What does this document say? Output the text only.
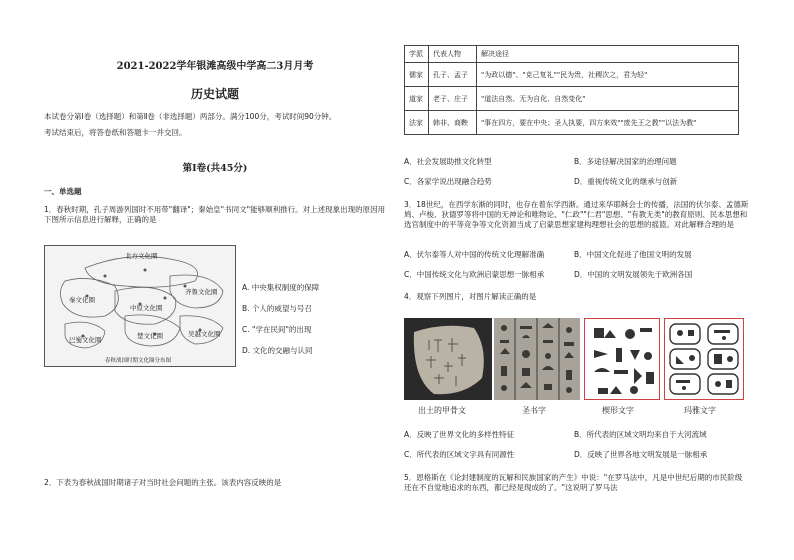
2021-2022学年银滩高级中学高二3月月考
历史试题

本试卷分第Ⅰ卷（选择题）和第Ⅱ卷（非选择题）两部分。满分100分，考试时间90分钟。

考试结束后，将答卷纸和答题卡一并交回。

第Ⅰ卷(共45分)
一、单选题
1．春秋时期，孔子周游列国时不用带"翻译"；秦始皇"书同文"能够顺利推行。对上述现象出现的原因用下图所示信息进行解释，正确的是
北方文化圈
齐鲁文化圈
秦文化圈
中原文化圈
楚文化圈	吴越文化圈
巴蜀文化圈
春秋战国时期文化圈分布图
A. 中央集权制度的保障
B. 个人的威望与号召
C. "学在民间"的出现
D. 文化的交融与认同
2．下表为春秋战国时期诸子对当时社会问题的主张。该表内容反映的是
学派	代表人物	解决途径
儒家	孔子、孟子	"为政以德"、"克己复礼""民为贵，社稷次之，君为轻"
道家	老子、庄子	"道法自然、无为自化、自然变化"
法家	韩非、商鞅	"事在四方，要在中央；圣人执要，四方来效""废先王之教""以法为教"
A．社会发展助推文化转型	B．多途径解决国家的治理问题
C．各家学说出现融合趋势	D．重视传统文化的继承与创新
3．18世纪，在西学东渐的同时，也存在着东学西渐。通过来华耶稣会士的传播，法国的伏尔泰、孟德斯鸠、卢梭、狄德罗等将中国的无神论和唯物论、"仁政""仁君"思想、"有教无类"的教育原则、民本思想和选官制度中的平等竞争等文化资源当成了启蒙思想家建构理想社会的思想的摇篮。对此解释合理的是
A．伏尔泰等人对中国的传统文化理解准确	B．中国文化促进了他国文明的发展
C．中国传统文化与欧洲启蒙思想一脉相承	D．中国的文明发展领先于欧洲各国
4．观察下列图片，对图片解读正确的是
出土的甲骨文	圣书字	楔形文字	玛雅文字
A．反映了世界文化的多样性特征	B．所代表的区域文明均来自于大河流域
C．所代表的区域文字具有同源性	D．反映了世界各地文明发展是一脉相承
5．恩格斯在《论封建制度的瓦解和民族国家的产生》中说："在罗马法中，凡是中世纪后期的市民阶级还在不自觉地追求的东西，都已经是现成的了。"这说明了罗马法
